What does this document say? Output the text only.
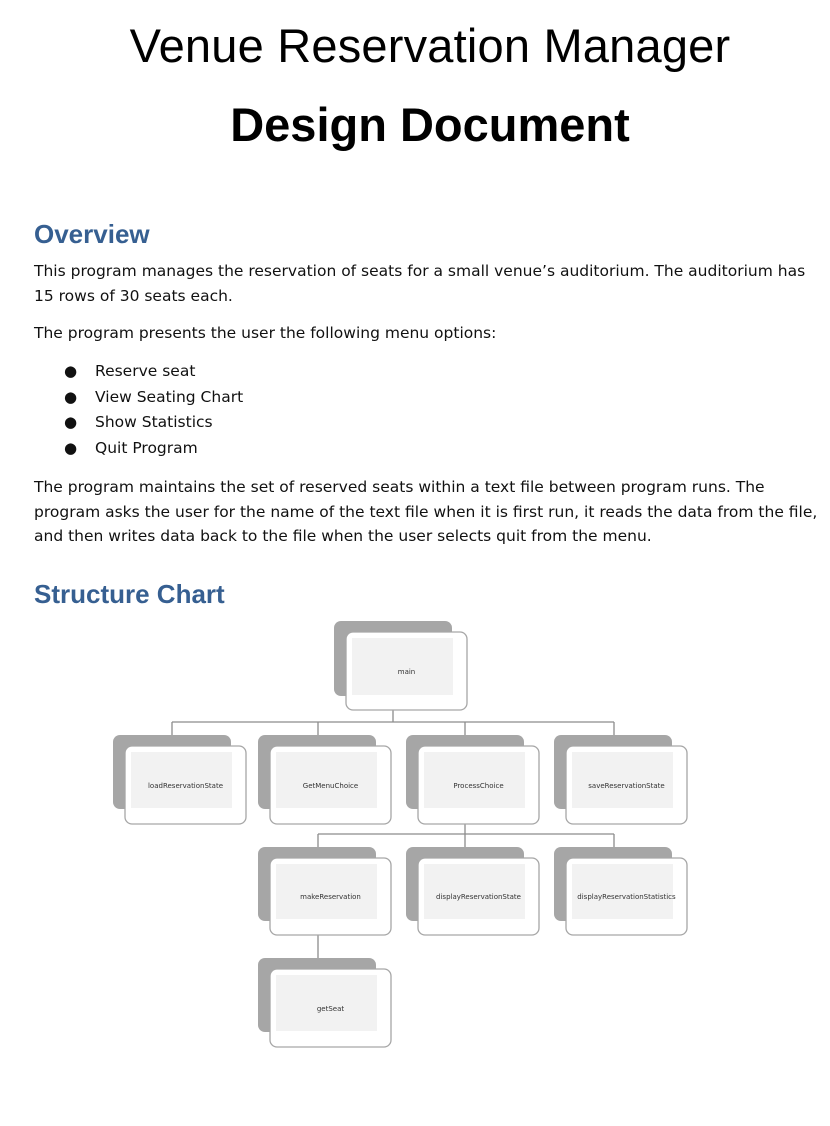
Venue Reservation Manager
Design Document
Overview
This program manages the reservation of seats for a small venue’s auditorium. The auditorium has 15 rows of 30 seats each.
The program presents the user the following menu options:
● Reserve seat
● View Seating Chart
● Show Statistics
● Quit Program
The program maintains the set of reserved seats within a text file between program runs. The program asks the user for the name of the text file when it is first run, it reads the data from the file, and then writes data back to the file when the user selects quit from the menu.
Structure Chart
main
loadReservationState	GetMenuChoice	ProcessChoice	saveReservationState
makeReservation	displayReservationState	displayReservationStatistics
getSeat
